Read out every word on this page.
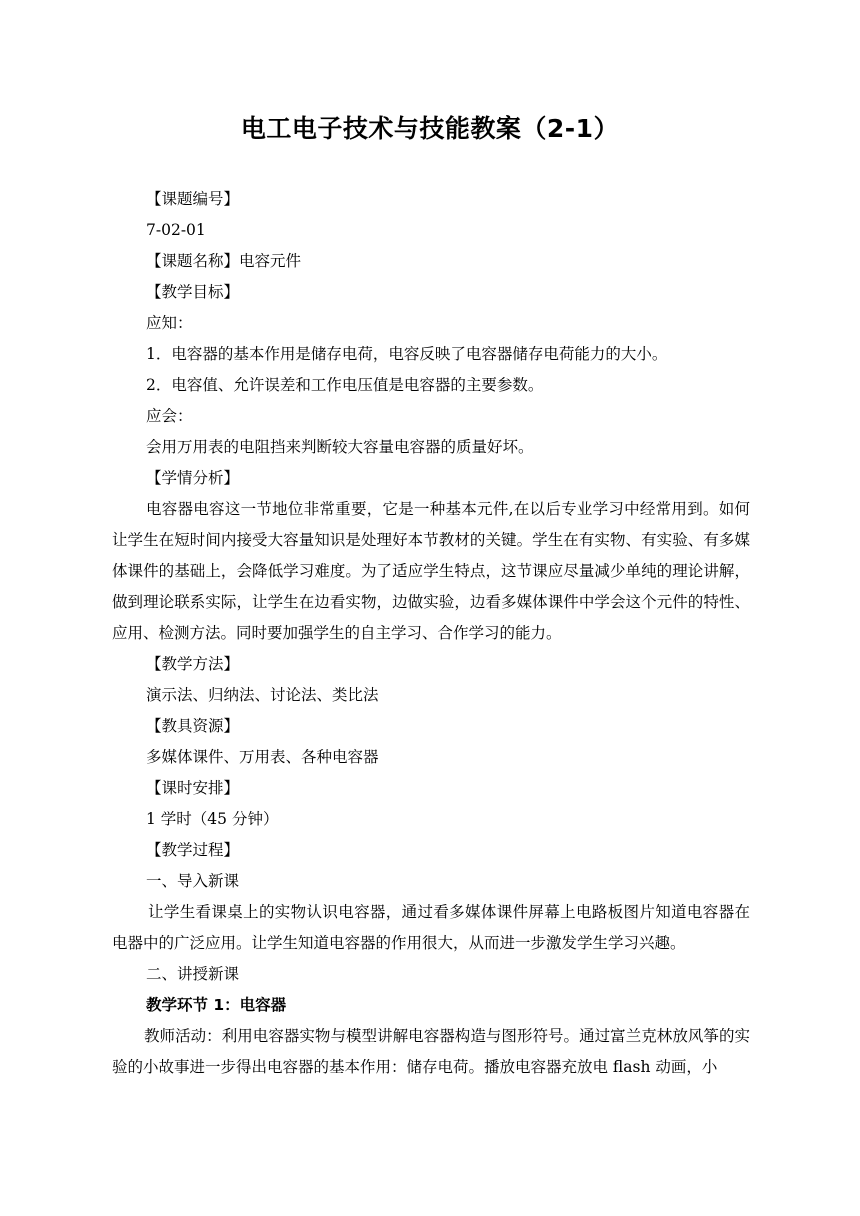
电工电子技术与技能教案（2-1）
【课题编号】
7-02-01
【课题名称】电容元件
【教学目标】
应知：
1．电容器的基本作用是储存电荷，电容反映了电容器储存电荷能力的大小。
2．电容值、允许误差和工作电压值是电容器的主要参数。
应会：
会用万用表的电阻挡来判断较大容量电容器的质量好坏。
【学情分析】

电容器电容这一节地位非常重要，它是一种基本元件,在以后专业学习中经常用到。如何让学生在短时间内接受大容量知识是处理好本节教材的关键。学生在有实物、有实验、有多媒体课件的基础上，会降低学习难度。为了适应学生特点，这节课应尽量减少单纯的理论讲解，做到理论联系实际，让学生在边看实物，边做实验，边看多媒体课件中学会这个元件的特性、应用、检测方法。同时要加强学生的自主学习、合作学习的能力。

【教学方法】
演示法、归纳法、讨论法、类比法
【教具资源】
多媒体课件、万用表、各种电容器
【课时安排】
1 学时（45 分钟）
【教学过程】
一、导入新课

让学生看课桌上的实物认识电容器，通过看多媒体课件屏幕上电路板图片知道电容器在电器中的广泛应用。让学生知道电容器的作用很大，从而进一步激发学生学习兴趣。

二、讲授新课
教学环节 1：电容器

教师活动：利用电容器实物与模型讲解电容器构造与图形符号。通过富兰克林放风筝的实验的小故事进一步得出电容器的基本作用：储存电荷。播放电容器充放电 flash 动画，小
